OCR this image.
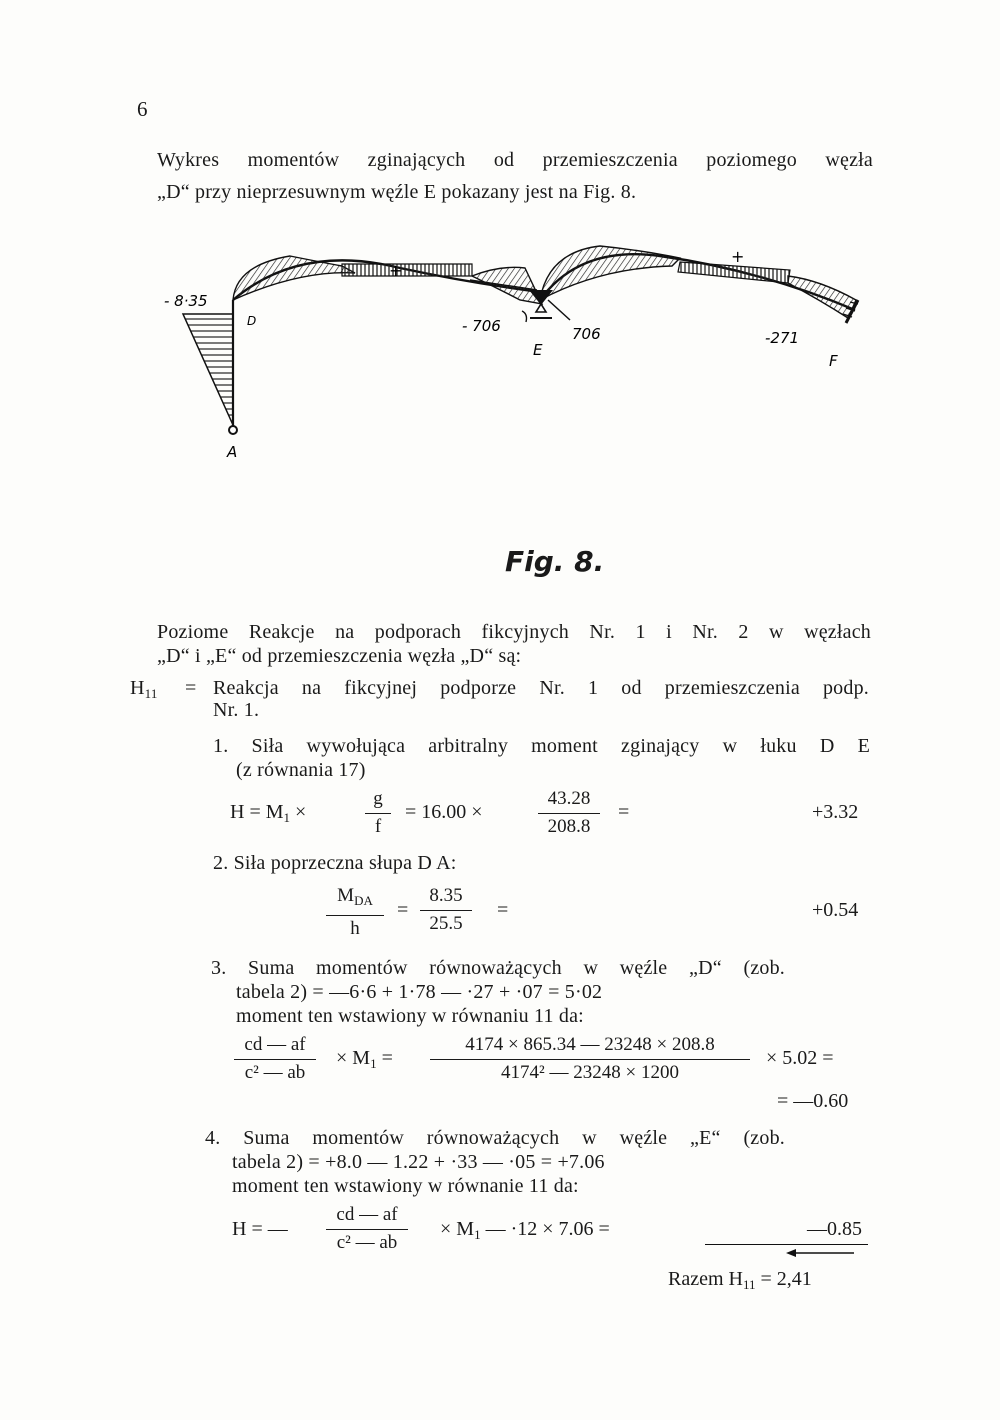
6
Wykres momentów zginających od przemieszczenia poziomego węzła
„D“ przy nieprzesuwnym węźle E pokazany jest na Fig. 8.
- 8·35
D
A
- 706	706
E
-271
F
+
+
Fig. 8.
Poziome Reakcje na podporach fikcyjnych Nr. 1 i Nr. 2 w węzłach
„D“ i „E“ od przemieszczenia węzła „D“ są:
$H_{11}$ = Reakcja na fikcyjnej podporze Nr. 1 od przemieszczenia podp.
Nr. 1.
1. Siła wywołująca arbitralny moment zginający w łuku D E
(z równania 17)
$H = M_1$ ×
g
f
= 16.00 ×
43.28
208.8
=	+3.32
2. Siła poprzeczna słupa D A:
$M_{DA}$
h
=
8.35
25.5
=	+0.54
3. Suma momentów równoważących w węźle „D“ (zob.
tabela 2) = —6·6 + 1·78 — ·27 + ·07 = 5·02
moment ten wstawiony w równaniu 11 da:
cd — af
c² — ab
× $M_1$ =
4174 × 865.34 — 23248 × 208.8
4174² — 23248 × 1200
× 5.02 =
= —0.60
4. Suma momentów równoważących w węźle „E“ (zob.
tabela 2) = +8.0 — 1.22 + ·33 — ·05 = +7.06
moment ten wstawiony w równanie 11 da:
H = —
cd — af
c² — ab
× $M_1$ — ·12 × 7.06 =	—0.85
Razem $H_{11} = 2,41$
